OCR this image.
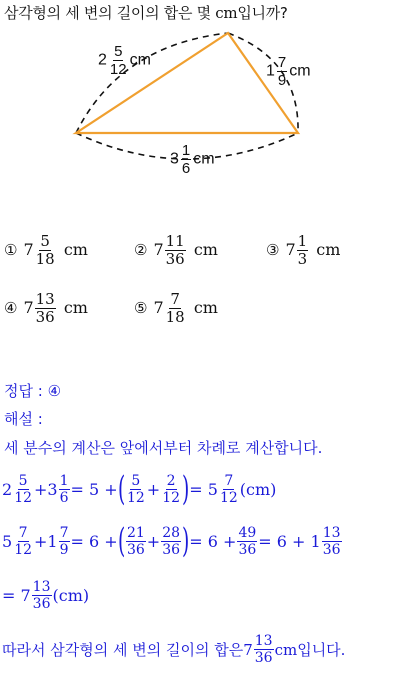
삼각형의 세 변의 길이의 합은 몇 cm입니까?
$2 \frac{5}{12}$ cm
$1 \frac{7}{9}$ cm
$3 \frac{1}{6}$ cm
① $7 \frac{5}{18}$ cm	② $7 \frac{11}{36}$ cm	③ $7 \frac{1}{3}$ cm
④ $7 \frac{13}{36}$ cm	⑤ $7 \frac{7}{18}$ cm
정답 : ④
해설 :
세 분수의 계산은 앞에서부터 차례로 계산합니다.
$2 \frac{5}{12} + 3 \frac{1}{6} = 5$ + ( $\frac{5}{12} + \frac{2}{12}$ ) = $5 \frac{7}{12} (cm)$
$5 \frac{7}{12} + 1 \frac{7}{9} = 6$ + ( $\frac{21}{36} + \frac{28}{36}$ ) = $6 + \frac{49}{36} = 6 + 1 \frac{13}{36}$
= $7 \frac{13}{36} (cm)$
따라서 삼각형의 세 변의 길이의 합은 $7 \frac{13}{36}$ cm 입니다.
